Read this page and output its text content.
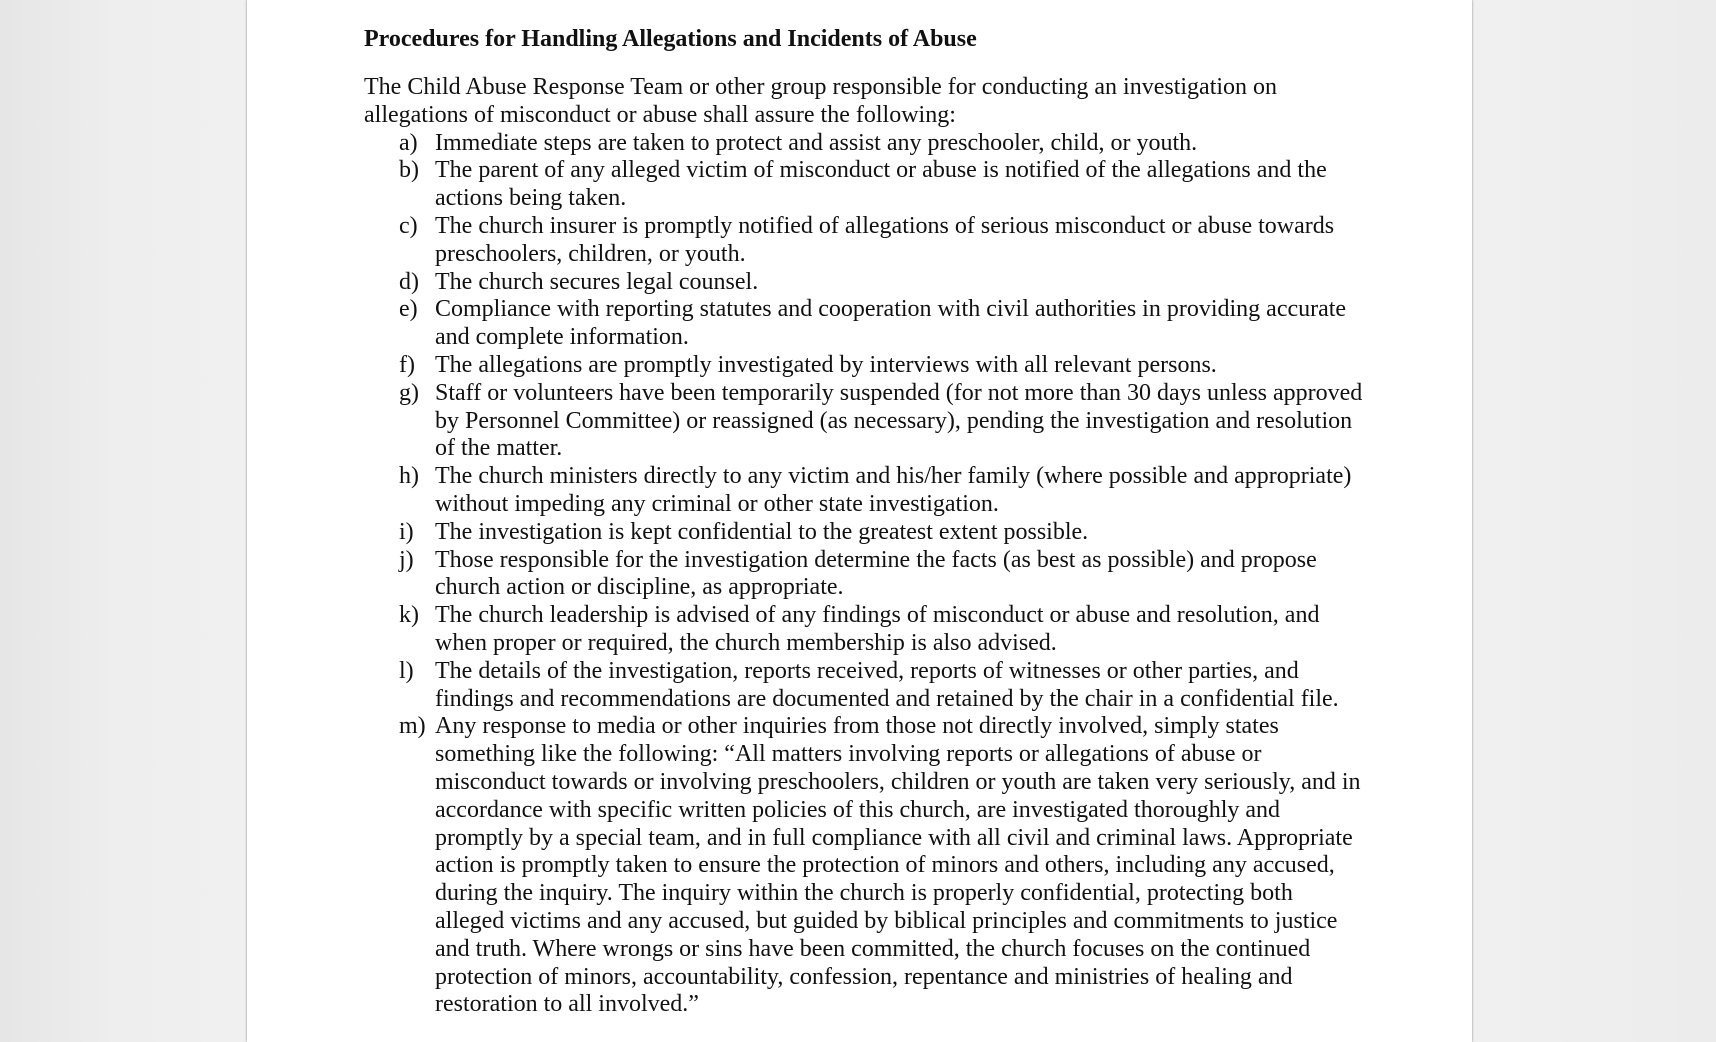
Procedures for Handling Allegations and Incidents of Abuse

The Child Abuse Response Team or other group responsible for conducting an investigation on allegations of misconduct or abuse shall assure the following:

a) Immediate steps are taken to protect and assist any preschooler, child, or youth.
b) The parent of any alleged victim of misconduct or abuse is notified of the allegations and the actions being taken.
c) The church insurer is promptly notified of allegations of serious misconduct or abuse towards preschoolers, children, or youth.
d) The church secures legal counsel.
e) Compliance with reporting statutes and cooperation with civil authorities in providing accurate and complete information.
f) The allegations are promptly investigated by interviews with all relevant persons.
g) Staff or volunteers have been temporarily suspended (for not more than 30 days unless approved by Personnel Committee) or reassigned (as necessary), pending the investigation and resolution of the matter.
h) The church ministers directly to any victim and his/her family (where possible and appropriate) without impeding any criminal or other state investigation.
i) The investigation is kept confidential to the greatest extent possible.
j) Those responsible for the investigation determine the facts (as best as possible) and propose church action or discipline, as appropriate.
k) The church leadership is advised of any findings of misconduct or abuse and resolution, and when proper or required, the church membership is also advised.
l) The details of the investigation, reports received, reports of witnesses or other parties, and findings and recommendations are documented and retained by the chair in a confidential file.
m) Any response to media or other inquiries from those not directly involved, simply states something like the following: “All matters involving reports or allegations of abuse or misconduct towards or involving preschoolers, children or youth are taken very seriously, and in accordance with specific written policies of this church, are investigated thoroughly and promptly by a special team, and in full compliance with all civil and criminal laws. Appropriate action is promptly taken to ensure the protection of minors and others, including any accused, during the inquiry. The inquiry within the church is properly confidential, protecting both alleged victims and any accused, but guided by biblical principles and commitments to justice and truth. Where wrongs or sins have been committed, the church focuses on the continued protection of minors, accountability, confession, repentance and ministries of healing and restoration to all involved.”
